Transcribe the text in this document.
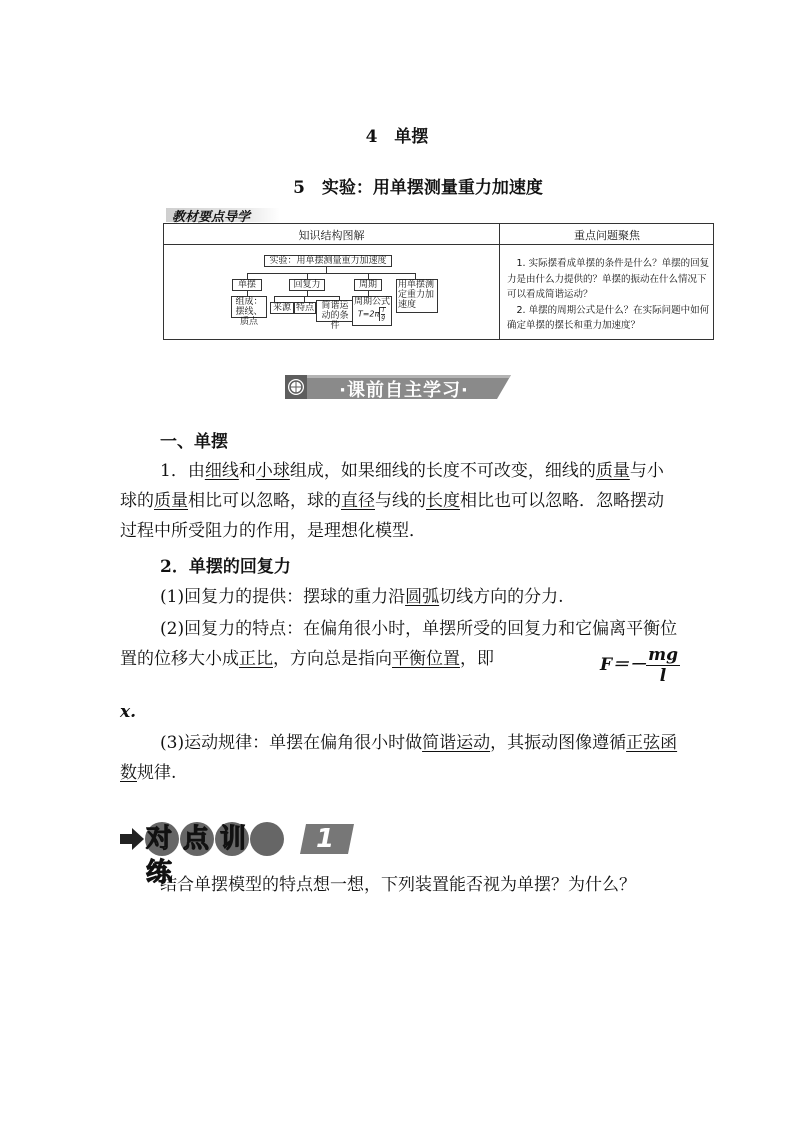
4　单摆
5　实验：用单摆测量重力加速度
教材要点导学
知识结构图解	重点问题聚焦
实验：用单摆测量重力加速度
单摆	回复力	周期	用单摆测定重力加速度
组成：摆线、质点
来源 特点 简谐运动的条件
周期公式
$T=2\pi \frac{l}{g}$
1. 实际摆看成单摆的条件是什么？单摆的回复力是由什么力提供的？单摆的振动在什么情况下可以看成简谐运动？
2. 单摆的周期公式是什么？在实际问题中如何确定单摆的摆长和重力加速度？
·课前自主学习·
一、单摆
1．由细线和小球组成，如果细线的长度不可改变，细线的质量与小球的质量相比可以忽略，球的直径与线的长度相比也可以忽略．忽略摆动过程中所受阻力的作用，是理想化模型．
2．单摆的回复力
(1)回复力的提供：摆球的重力沿圆弧切线方向的分力.
(2)回复力的特点：在偏角很小时，单摆所受的回复力和它偏离平衡位置的位移大小成正比，方向总是指向平衡位置，即	$F=- \frac{mg}{l}$
x.
(3)运动规律：单摆在偏角很小时做简谐运动，其振动图像遵循正弦函数规律.
对点训练
1
结合单摆模型的特点想一想，下列装置能否视为单摆？为什么？
